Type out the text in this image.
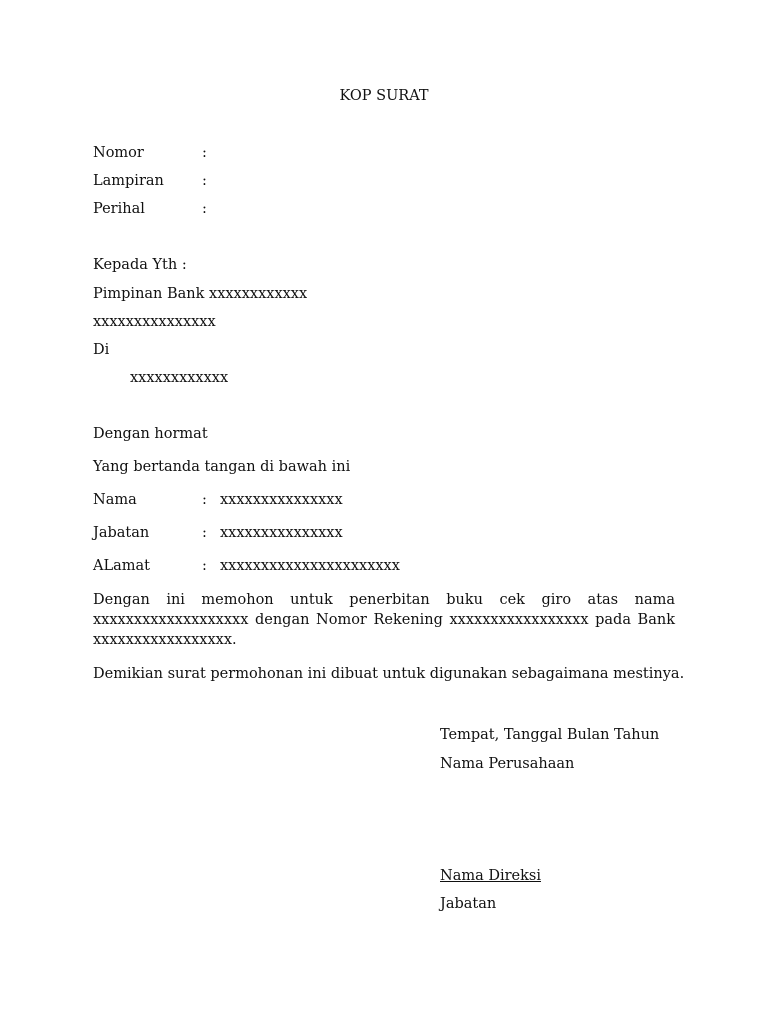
KOP SURAT
Nomor	:
Lampiran	:
Perihal	:
Kepada Yth :
Pimpinan Bank xxxxxxxxxxxx
xxxxxxxxxxxxxxx
Di
xxxxxxxxxxxx
Dengan hormat
Yang bertanda tangan di bawah ini
Nama	: xxxxxxxxxxxxxxx
Jabatan	: xxxxxxxxxxxxxxx
ALamat	: xxxxxxxxxxxxxxxxxxxxxx
Dengan ini memohon untuk penerbitan buku cek giro atas nama xxxxxxxxxxxxxxxxxxx dengan Nomor Rekening xxxxxxxxxxxxxxxxx pada Bank xxxxxxxxxxxxxxxxx.
Demikian surat permohonan ini dibuat untuk digunakan sebagaimana mestinya.
Tempat, Tanggal Bulan Tahun
Nama Perusahaan
Nama Direksi
Jabatan
